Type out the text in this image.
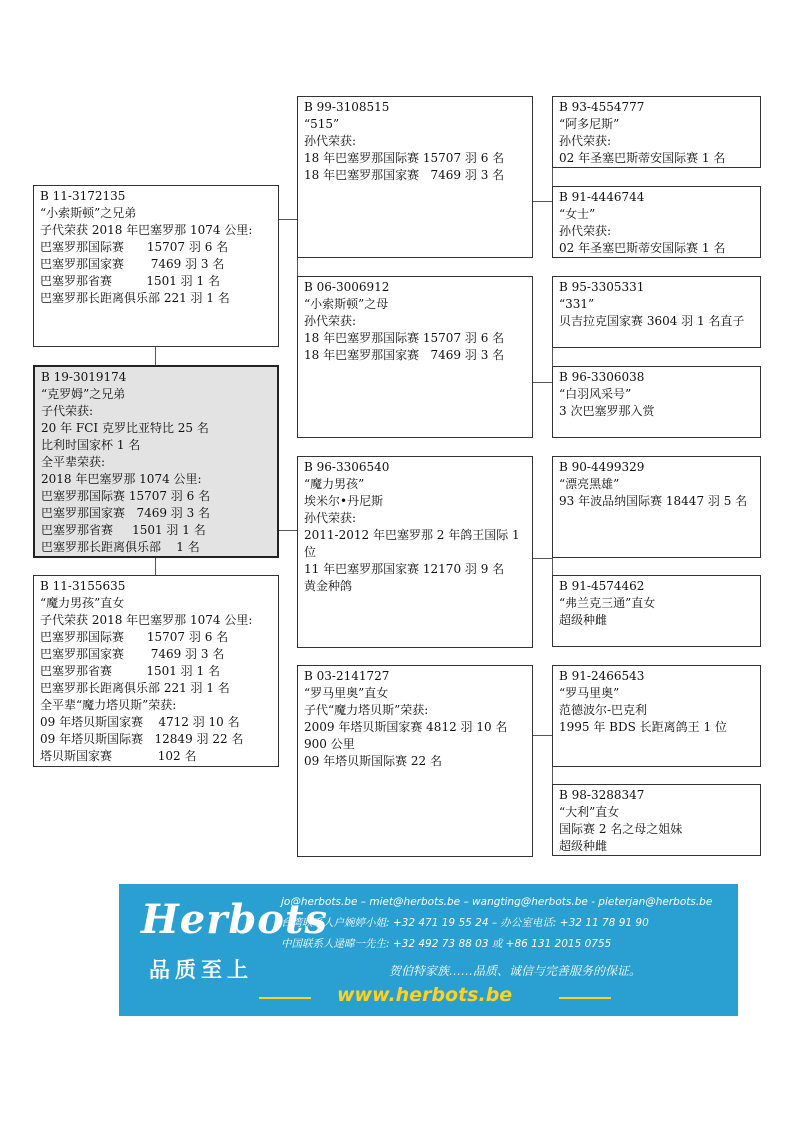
B 11-3172135
“小索斯顿”之兄弟
子代荣获 2018 年巴塞罗那 1074 公里:
巴塞罗那国际赛      15707 羽 6 名
巴塞罗那国家赛       7469 羽 3 名
巴塞罗那省赛         1501 羽 1 名
巴塞罗那长距离俱乐部 221 羽 1 名
B 19-3019174
“克罗姆”之兄弟
子代荣获:
20 年 FCI 克罗比亚特比 25 名
比利时国家杯 1 名
全平辈荣获:
2018 年巴塞罗那 1074 公里:
巴塞罗那国际赛 15707 羽 6 名
巴塞罗那国家赛   7469 羽 3 名
巴塞罗那省赛     1501 羽 1 名
巴塞罗那长距离俱乐部    1 名
B 11-3155635
“魔力男孩”直女
子代荣获 2018 年巴塞罗那 1074 公里:
巴塞罗那国际赛      15707 羽 6 名
巴塞罗那国家赛       7469 羽 3 名
巴塞罗那省赛         1501 羽 1 名
巴塞罗那长距离俱乐部 221 羽 1 名
全平辈“魔力塔贝斯”荣获:
09 年塔贝斯国家赛    4712 羽 10 名
09 年塔贝斯国际赛   12849 羽 22 名
塔贝斯国家赛            102 名
B 99-3108515
“515”
孙代荣获:
18 年巴塞罗那国际赛 15707 羽 6 名
18 年巴塞罗那国家赛   7469 羽 3 名
B 06-3006912
“小索斯顿”之母
孙代荣获:
18 年巴塞罗那国际赛 15707 羽 6 名
18 年巴塞罗那国家赛   7469 羽 3 名
B 96-3306540
“魔力男孩”
埃米尔•丹尼斯
孙代荣获:
2011-2012 年巴塞罗那 2 年鸽王国际 1 位
11 年巴塞罗那国家赛 12170 羽 9 名
黄金种鸽
B 03-2141727
“罗马里奥”直女
子代“魔力塔贝斯”荣获:
2009 年塔贝斯国家赛 4812 羽 10 名 900 公里
09 年塔贝斯国际赛 22 名
B 93-4554777
“阿多尼斯”
孙代荣获:
02 年圣塞巴斯蒂安国际赛 1 名
B 91-4446744
“女士”
孙代荣获:
02 年圣塞巴斯蒂安国际赛 1 名
B 95-3305331
“331”
贝吉拉克国家赛 3604 羽 1 名直子
B 96-3306038
“白羽风采号”
3 次巴塞罗那入赏
B 90-4499329
“漂亮黑雄”
93 年波品纳国际赛 18447 羽 5 名
B 91-4574462
“弗兰克三通”直女
超级种雌
B 91-2466543
“罗马里奥”
范德波尔-巴克利
1995 年 BDS 长距离鸽王 1 位
B 98-3288347
“大利”直女
国际赛 2 名之母之姐妹
超级种雌
Herbots
品质至上
jo@herbots.be – miet@herbots.be – wangting@herbots.be - pieterjan@herbots.be
台湾联系人户婉婷小姐: +32 471 19 55 24 – 办公室电话: +32 11 78 91 90
中国联系人逯暐一先生: +32 492 73 88 03 或 +86 131 2015 0755
贺伯特家族……品质、诚信与完善服务的保证。
www.herbots.be
